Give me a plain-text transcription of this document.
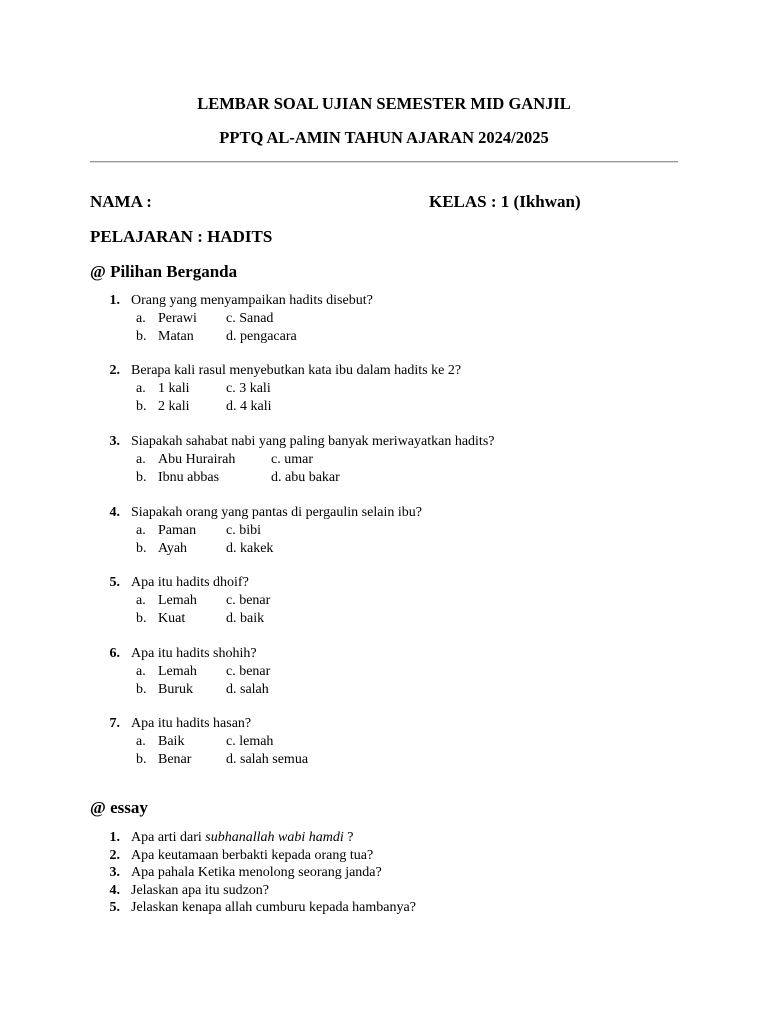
LEMBAR SOAL UJIAN SEMESTER MID GANJIL
PPTQ AL-AMIN TAHUN AJARAN 2024/2025
NAMA :	KELAS : 1 (Ikhwan)
PELAJARAN : HADITS
@ Pilihan Berganda
1. Orang yang menyampaikan hadits disebut?
a. Perawi c. Sanad
b. Matan d. pengacara
2. Berapa kali rasul menyebutkan kata ibu dalam hadits ke 2?
a. 1 kali	c. 3 kali
b. 2 kali	d. 4 kali
3. Siapakah sahabat nabi yang paling banyak meriwayatkan hadits?
a. Abu Hurairah	c. umar
b. Ibnu abbas	d. abu bakar
4. Siapakah orang yang pantas di pergaulin selain ibu?
a. Paman c. bibi
b. Ayah	d. kakek
5. Apa itu hadits dhoif?
a. Lemah c. benar
b. Kuat	d. baik
6. Apa itu hadits shohih?
a. Lemah c. benar
b. Buruk d. salah
7. Apa itu hadits hasan?
a. Baik	c. lemah
b. Benar d. salah semua
@ essay
1. Apa arti dari subhanallah wabi hamdi ?
2. Apa keutamaan berbakti kepada orang tua?
3. Apa pahala Ketika menolong seorang janda?
4. Jelaskan apa itu sudzon?
5. Jelaskan kenapa allah cumburu kepada hambanya?
